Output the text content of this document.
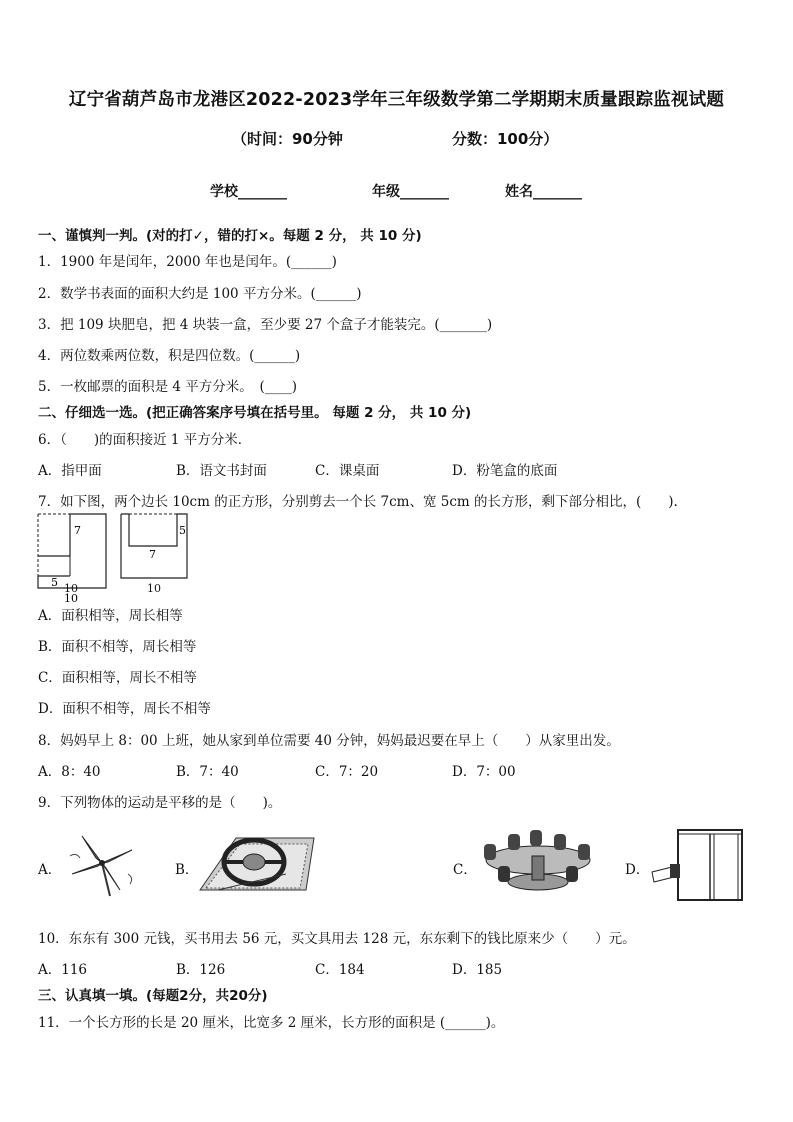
辽宁省葫芦岛市龙港区2022-2023学年三年级数学第二学期期末质量跟踪监视试题
（时间：90分钟	分数：100分）
学校_______	年级_______	姓名_______
一、谨慎判一判。(对的打✓，错的打×。每题 2 分， 共 10 分)
1．1900 年是闰年，2000 年也是闰年。(______)
2．数学书表面的面积大约是 100 平方分米。(______)
3．把 109 块肥皂，把 4 块装一盒，至少要 27 个盒子才能装完。(_______)
4．两位数乘两位数，积是四位数。(______)
5．一枚邮票的面积是 4 平方分米。　(____)
二、仔细选一选。(把正确答案序号填在括号里。 每题 2 分， 共 10 分)
6．（　　)的面积接近 1 平方分米．
A．指甲面	B．语文书封面	C．课桌面	D．粉笔盒的底面
7．如下图，两个边长 10cm 的正方形，分别剪去一个长 7cm、宽 5cm 的长方形，剩下部分相比，(　　).
7
5
10
10
7
5
10
A．面积相等，周长相等
B．面积不相等，周长相等
C．面积相等，周长不相等
D．面积不相等，周长不相等
8．妈妈早上 8：00 上班，她从家到单位需要 40 分钟，妈妈最迟要在早上（　　）从家里出发。
A．8：40	B．7：40	C．7：20	D．7：00
9．下列物体的运动是平移的是（　　)。
A．	B．	C．	D．
10．东东有 300 元钱，买书用去 56 元，买文具用去 128 元，东东剩下的钱比原来少（　　）元。
A．116	B．126	C．184	D．185
三、认真填一填。(每题2分，共20分)
11．一个长方形的长是 20 厘米，比宽多 2 厘米，长方形的面积是 (______)。
